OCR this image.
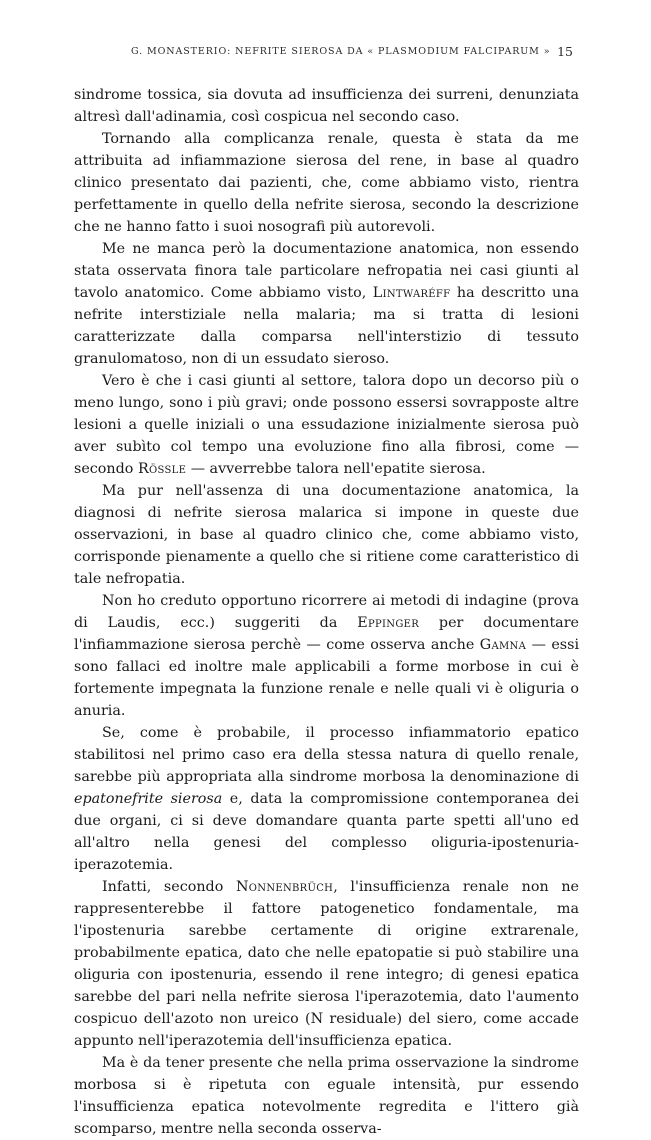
G. MONASTERIO: NEFRITE SIEROSA DA « PLASMODIUM FALCIPARUM » 15

sindrome tossica, sia dovuta ad insufficienza dei surreni, denunziata altresì dall'adinamia, così cospicua nel secondo caso.

Tornando alla complicanza renale, questa è stata da me attribuita ad infiammazione sierosa del rene, in base al quadro clinico presentato dai pazienti, che, come abbiamo visto, rientra perfettamente in quello della nefrite sierosa, secondo la descrizione che ne hanno fatto i suoi nosografi più autorevoli.

Me ne manca però la documentazione anatomica, non essendo stata osservata finora tale particolare nefropatia nei casi giunti al tavolo anatomico. Come abbiamo visto, Lintwaréff ha descritto una nefrite interstiziale nella malaria; ma si tratta di lesioni caratterizzate dalla comparsa nell'interstizio di tessuto granulomatoso, non di un essudato sieroso.

Vero è che i casi giunti al settore, talora dopo un decorso più o meno lungo, sono i più gravi; onde possono essersi sovrapposte altre lesioni a quelle iniziali o una essudazione inizialmente sierosa può aver subìto col tempo una evoluzione fino alla fibrosi, come — secondo Rössle — avverrebbe talora nell'epatite sierosa.

Ma pur nell'assenza di una documentazione anatomica, la diagnosi di nefrite sierosa malarica si impone in queste due osservazioni, in base al quadro clinico che, come abbiamo visto, corrisponde pienamente a quello che si ritiene come caratteristico di tale nefropatia.

Non ho creduto opportuno ricorrere ai metodi di indagine (prova di Laudis, ecc.) suggeriti da Eppinger per documentare l'infiammazione sierosa perchè — come osserva anche Gamna — essi sono fallaci ed inoltre male applicabili a forme morbose in cui è fortemente impegnata la funzione renale e nelle quali vi è oliguria o anuria.

Se, come è probabile, il processo infiammatorio epatico stabilitosi nel primo caso era della stessa natura di quello renale, sarebbe più appropriata alla sindrome morbosa la denominazione di epatonefrite sierosa e, data la compromissione contemporanea dei due organi, ci si deve domandare quanta parte spetti all'uno ed all'altro nella genesi del complesso oliguria-ipostenuria-iperazotemia.

Infatti, secondo Nonnenbrüch, l'insufficienza renale non ne rappresenterebbe il fattore patogenetico fondamentale, ma l'ipostenuria sarebbe certamente di origine extrarenale, probabilmente epatica, dato che nelle epatopatie si può stabilire una oliguria con ipostenuria, essendo il rene integro; di genesi epatica sarebbe del pari nella nefrite sierosa l'iperazotemia, dato l'aumento cospicuo dell'azoto non ureico (N residuale) del siero, come accade appunto nell'iperazotemia dell'insufficienza epatica.

Ma è da tener presente che nella prima osservazione la sindrome morbosa si è ripetuta con eguale intensità, pur essendo l'insufficienza epatica notevolmente regredita e l'ittero già scomparso, mentre nella seconda osserva-
